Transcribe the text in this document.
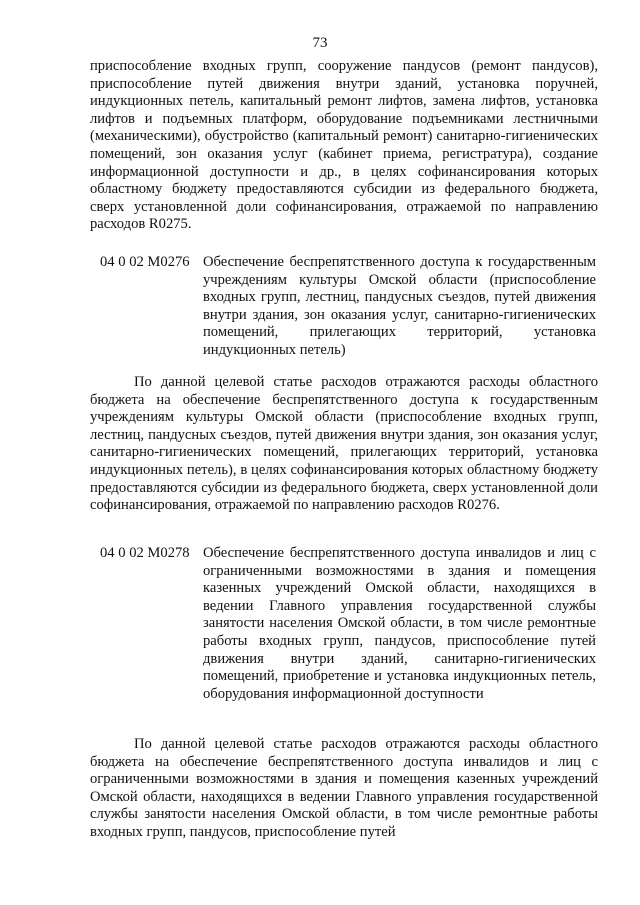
73
приспособление входных групп, сооружение пандусов (ремонт пандусов), приспособление путей движения внутри зданий, установка поручней, индукционных петель, капитальный ремонт лифтов, замена лифтов, установка лифтов и подъемных платформ, оборудование подъемниками лестничными (механическими), обустройство (капитальный ремонт) санитарно-гигиенических помещений, зон оказания услуг (кабинет приема, регистратура), создание информационной доступности и др., в целях софинансирования которых областному бюджету предоставляются субсидии из федерального бюджета, сверх установленной доли софинансирования, отражаемой по направлению расходов R0275.
04 0 02 M0276 Обеспечение беспрепятственного доступа к государственным учреждениям культуры Омской области (приспособление входных групп, лестниц, пандусных съездов, путей движения внутри здания, зон оказания услуг, санитарно-гигиенических помещений, прилегающих территорий, установка индукционных петель)
По данной целевой статье расходов отражаются расходы областного бюджета на обеспечение беспрепятственного доступа к государственным учреждениям культуры Омской области (приспособление входных групп, лестниц, пандусных съездов, путей движения внутри здания, зон оказания услуг, санитарно-гигиенических помещений, прилегающих территорий, установка индукционных петель), в целях софинансирования которых областному бюджету предоставляются субсидии из федерального бюджета, сверх установленной доли софинансирования, отражаемой по направлению расходов R0276.
04 0 02 M0278 Обеспечение беспрепятственного доступа инвалидов и лиц с ограниченными возможностями в здания и помещения казенных учреждений Омской области, находящихся в ведении Главного управления государственной службы занятости населения Омской области, в том числе ремонтные работы входных групп, пандусов, приспособление путей движения внутри зданий, санитарно-гигиенических помещений, приобретение и установка индукционных петель, оборудования информационной доступности
По данной целевой статье расходов отражаются расходы областного бюджета на обеспечение беспрепятственного доступа инвалидов и лиц с ограниченными возможностями в здания и помещения казенных учреждений Омской области, находящихся в ведении Главного управления государственной службы занятости населения Омской области, в том числе ремонтные работы входных групп, пандусов, приспособление путей
